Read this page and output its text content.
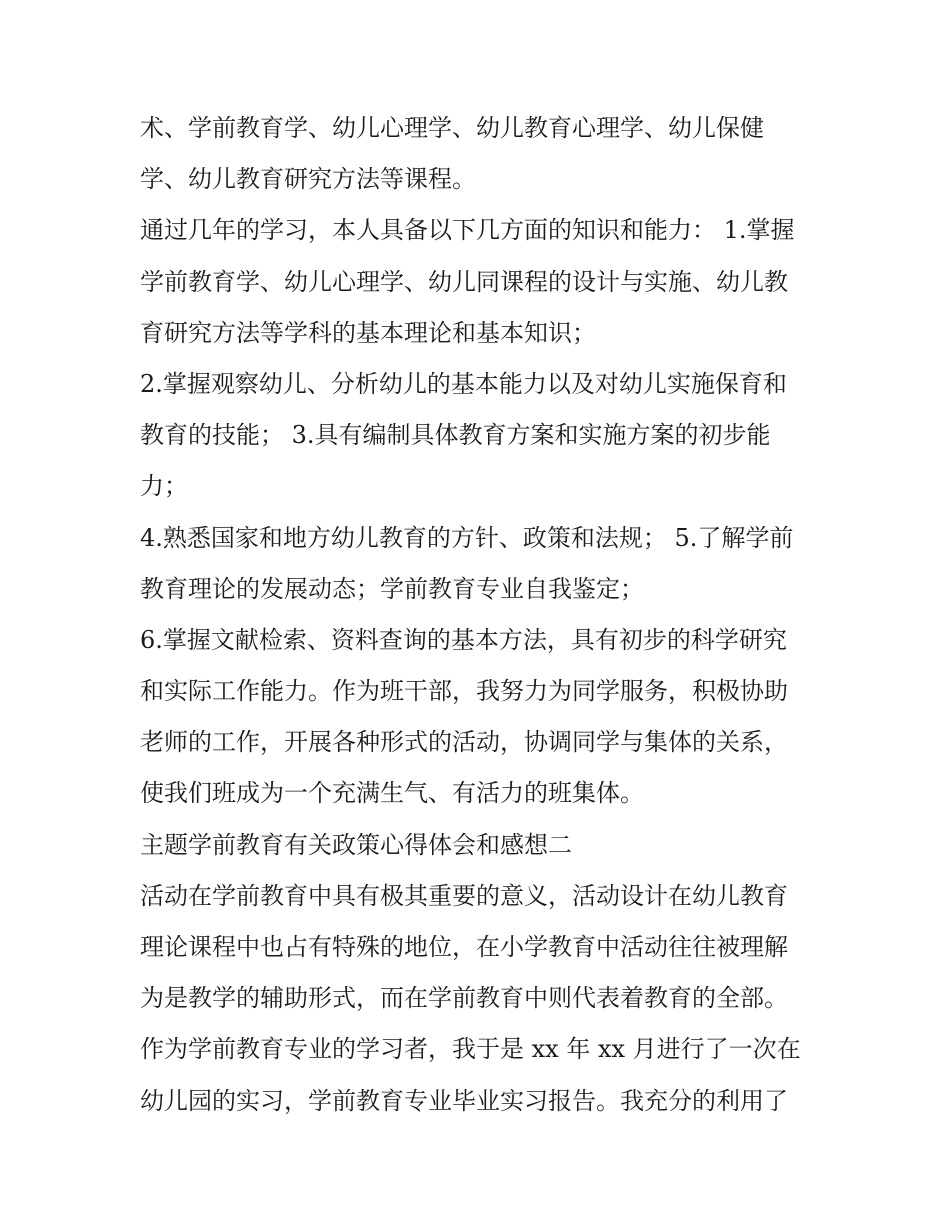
术、学前教育学、幼儿心理学、幼儿教育心理学、幼儿保健
学、幼儿教育研究方法等课程。
通过几年的学习，本人具备以下几方面的知识和能力： 1.掌握
学前教育学、幼儿心理学、幼儿同课程的设计与实施、幼儿教
育研究方法等学科的基本理论和基本知识；
2.掌握观察幼儿、分析幼儿的基本能力以及对幼儿实施保育和
教育的技能； 3.具有编制具体教育方案和实施方案的初步能
力；
4.熟悉国家和地方幼儿教育的方针、政策和法规； 5.了解学前
教育理论的发展动态；学前教育专业自我鉴定；
6.掌握文献检索、资料查询的基本方法，具有初步的科学研究
和实际工作能力。作为班干部，我努力为同学服务，积极协助
老师的工作，开展各种形式的活动，协调同学与集体的关系，
使我们班成为一个充满生气、有活力的班集体。
主题学前教育有关政策心得体会和感想二
活动在学前教育中具有极其重要的意义，活动设计在幼儿教育
理论课程中也占有特殊的地位，在小学教育中活动往往被理解
为是教学的辅助形式，而在学前教育中则代表着教育的全部。
作为学前教育专业的学习者，我于是 xx 年 xx 月进行了一次在
幼儿园的实习，学前教育专业毕业实习报告。我充分的利用了
